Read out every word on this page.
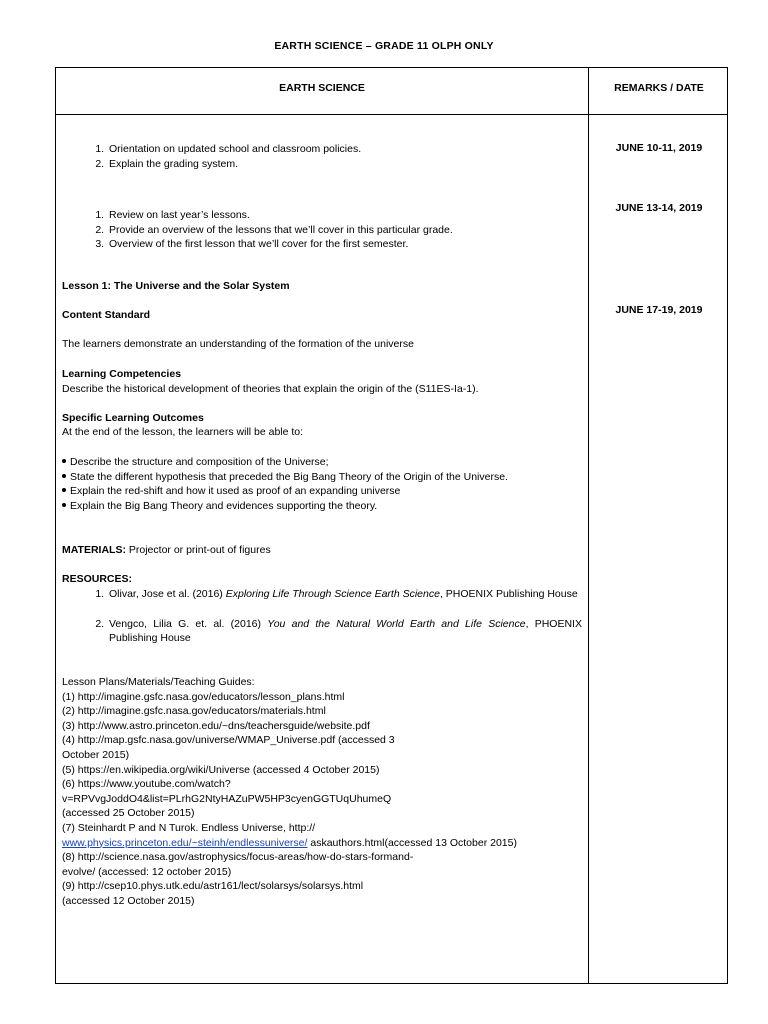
EARTH SCIENCE – GRADE 11 OLPH ONLY
EARTH SCIENCE	REMARKS / DATE
JUNE 10-11, 2019
JUNE 13-14, 2019
JUNE 17-19, 2019
1. Orientation on updated school and classroom policies.
2. Explain the grading system.
1. Review on last year’s lessons.
2. Provide an overview of the lessons that we’ll cover in this particular grade.
3. Overview of the first lesson that we’ll cover for the first semester.

Lesson 1: The Universe and the Solar System

Content Standard

The learners demonstrate an understanding of the formation of the universe

Learning Competencies

Describe the historical development of theories that explain the origin of the (S11ES-Ia-1).

Specific Learning Outcomes

At the end of the lesson, the learners will be able to:

Describe the structure and composition of the Universe;

State the different hypothesis that preceded the Big Bang Theory of the Origin of the Universe.

Explain the red-shift and how it used as proof of an expanding universe

Explain the Big Bang Theory and evidences supporting the theory.

MATERIALS: Projector or print-out of figures

RESOURCES:

1. Olivar, Jose et al. (2016) Exploring Life Through Science Earth Science, PHOENIX Publishing House
2. Vengco, Lilia G. et. al. (2016) You and the Natural World Earth and Life Science, PHOENIX Publishing House

Lesson Plans/Materials/Teaching Guides:

(1) http://imagine.gsfc.nasa.gov/educators/lesson_plans.html

(2) http://imagine.gsfc.nasa.gov/educators/materials.html

(3) http://www.astro.princeton.edu/~dns/teachersguide/website.pdf

(4) http://map.gsfc.nasa.gov/universe/WMAP_Universe.pdf (accessed 3

October 2015)

(5) https://en.wikipedia.org/wiki/Universe (accessed 4 October 2015)

(6) https://www.youtube.com/watch?

v=RPVvgJoddO4&list=PLrhG2NtyHAZuPW5HP3cyenGGTUqUhumeQ

(accessed 25 October 2015)

(7) Steinhardt P and N Turok. Endless Universe, http://

www.physics.princeton.edu/~steinh/endlessuniverse/ askauthors.html(accessed 13 October 2015)

(8) http://science.nasa.gov/astrophysics/focus-areas/how-do-stars-formand-

evolve/ (accessed: 12 october 2015)

(9) http://csep10.phys.utk.edu/astr161/lect/solarsys/solarsys.html

(accessed 12 October 2015)
